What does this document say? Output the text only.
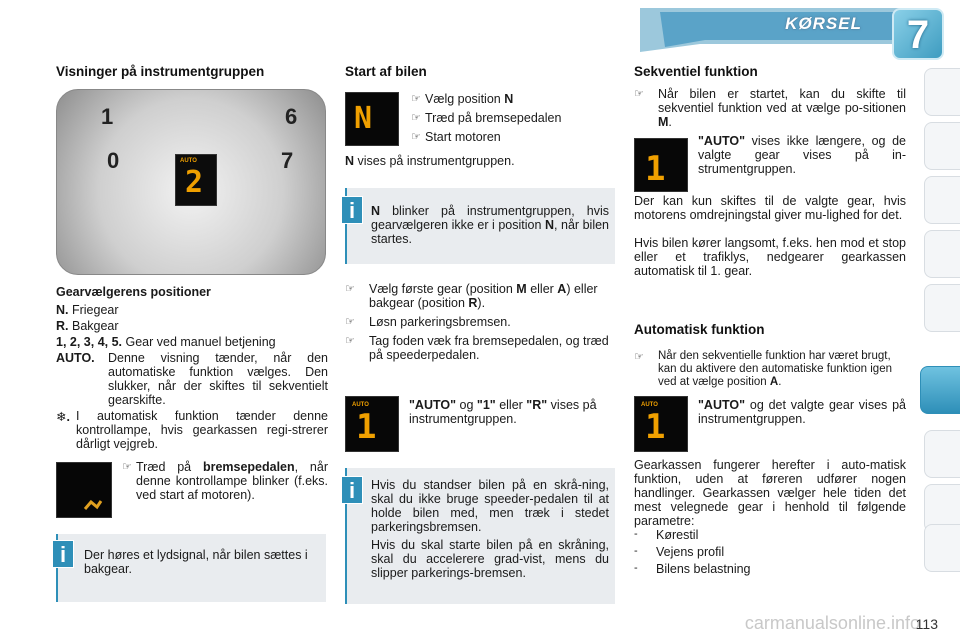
KØRSEL	7
Visninger på instrumentgruppen
1	6
0	7
AUTO
2

Gearvælgerens positioner

N. Friegear

R. Bakgear

1, 2, 3, 4, 5. Gear ved manuel betjening

AUTO.	Denne visning tænder, når den automatiske funktion vælges. Den slukker, når der skiftes til sekventielt gearskifte.

❄. I automatisk funktion tænder denne kontrollampe, hvis gearkassen regi-strerer dårligt vejgreb.

☞ Træd på bremsepedalen, når denne kontrollampe blinker (f.eks. ved start af motoren).

Der høres et lydsignal, når bilen sættes i bakgear.

i
Start af bilen
N
☞ Vælg position N

☞ Træd på bremsepedalen

☞ Start motoren

N vises på instrumentgruppen.

N blinker på instrumentgruppen, hvis gearvælgeren ikke er i position N, når bilen startes.

i
☞	Vælg første gear (position M eller A) eller bakgear (position R).

☞	Løsn parkeringsbremsen.

☞	Tag foden væk fra bremsepedalen, og træd på speederpedalen.

AUTO
1

"AUTO" og "1" eller "R" vises på instrumentgruppen.

Hvis du standser bilen på en skrå-ning, skal du ikke bruge speeder-pedalen til at holde bilen med, men træk i stedet parkeringsbremsen.

Hvis du skal starte bilen på en skråning, skal du accelerere grad-vist, mens du slipper parkerings-bremsen.

i
Sekventiel funktion
☞	Når bilen er startet, kan du skifte til sekventiel funktion ved at vælge po-sitionen M.

1

"AUTO" vises ikke længere, og de valgte gear vises på in-strumentgruppen.

Der kan kun skiftes til de valgte gear, hvis motorens omdrejningstal giver mu-lighed for det.

Hvis bilen kører langsomt, f.eks. hen mod et stop eller et trafiklys, nedgearer gearkassen automatisk til 1. gear.

Automatisk funktion
☞	Når den sekventielle funktion har været brugt, kan du aktivere den automatiske funktion igen ved at vælge position A.

AUTO
1

"AUTO" og det valgte gear vises på instrumentgruppen.

Gearkassen fungerer herefter i auto-matisk funktion, uden at føreren udfører nogen handlinger. Gearkassen vælger hele tiden det mest velegnede gear i henhold til følgende parametre:

-	Kørestil

-	Vejens profil

-	Bilens belastning

carmanualsonline.info
113
